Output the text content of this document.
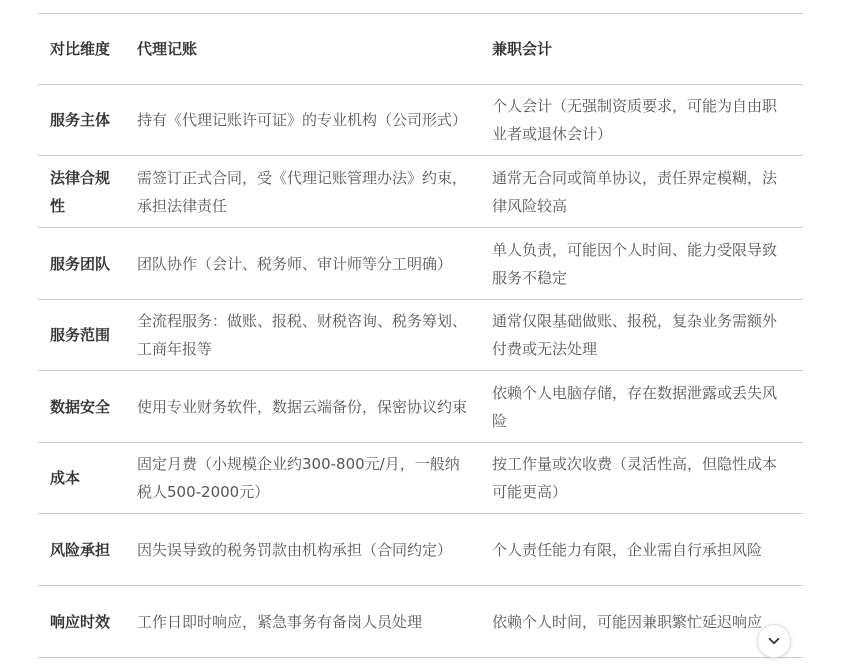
对比维度	代理记账	兼职会计
服务主体	持有《代理记账许可证》的专业机构（公司形式）	个人会计（无强制资质要求，可能为自由职业者或退休会计）
法律合规性	需签订正式合同，受《代理记账管理办法》约束，承担法律责任	通常无合同或简单协议，责任界定模糊，法律风险较高
服务团队	团队协作（会计、税务师、审计师等分工明确）	单人负责，可能因个人时间、能力受限导致服务不稳定
服务范围	全流程服务：做账、报税、财税咨询、税务筹划、工商年报等	通常仅限基础做账、报税，复杂业务需额外付费或无法处理
数据安全	使用专业财务软件，数据云端备份，保密协议约束	依赖个人电脑存储，存在数据泄露或丢失风险
成本	固定月费（小规模企业约300-800元/月，一般纳税人500-2000元）	按工作量或次收费（灵活性高，但隐性成本可能更高）
风险承担	因失误导致的税务罚款由机构承担（合同约定）	个人责任能力有限，企业需自行承担风险
响应时效	工作日即时响应，紧急事务有备岗人员处理	依赖个人时间，可能因兼职繁忙延迟响应
